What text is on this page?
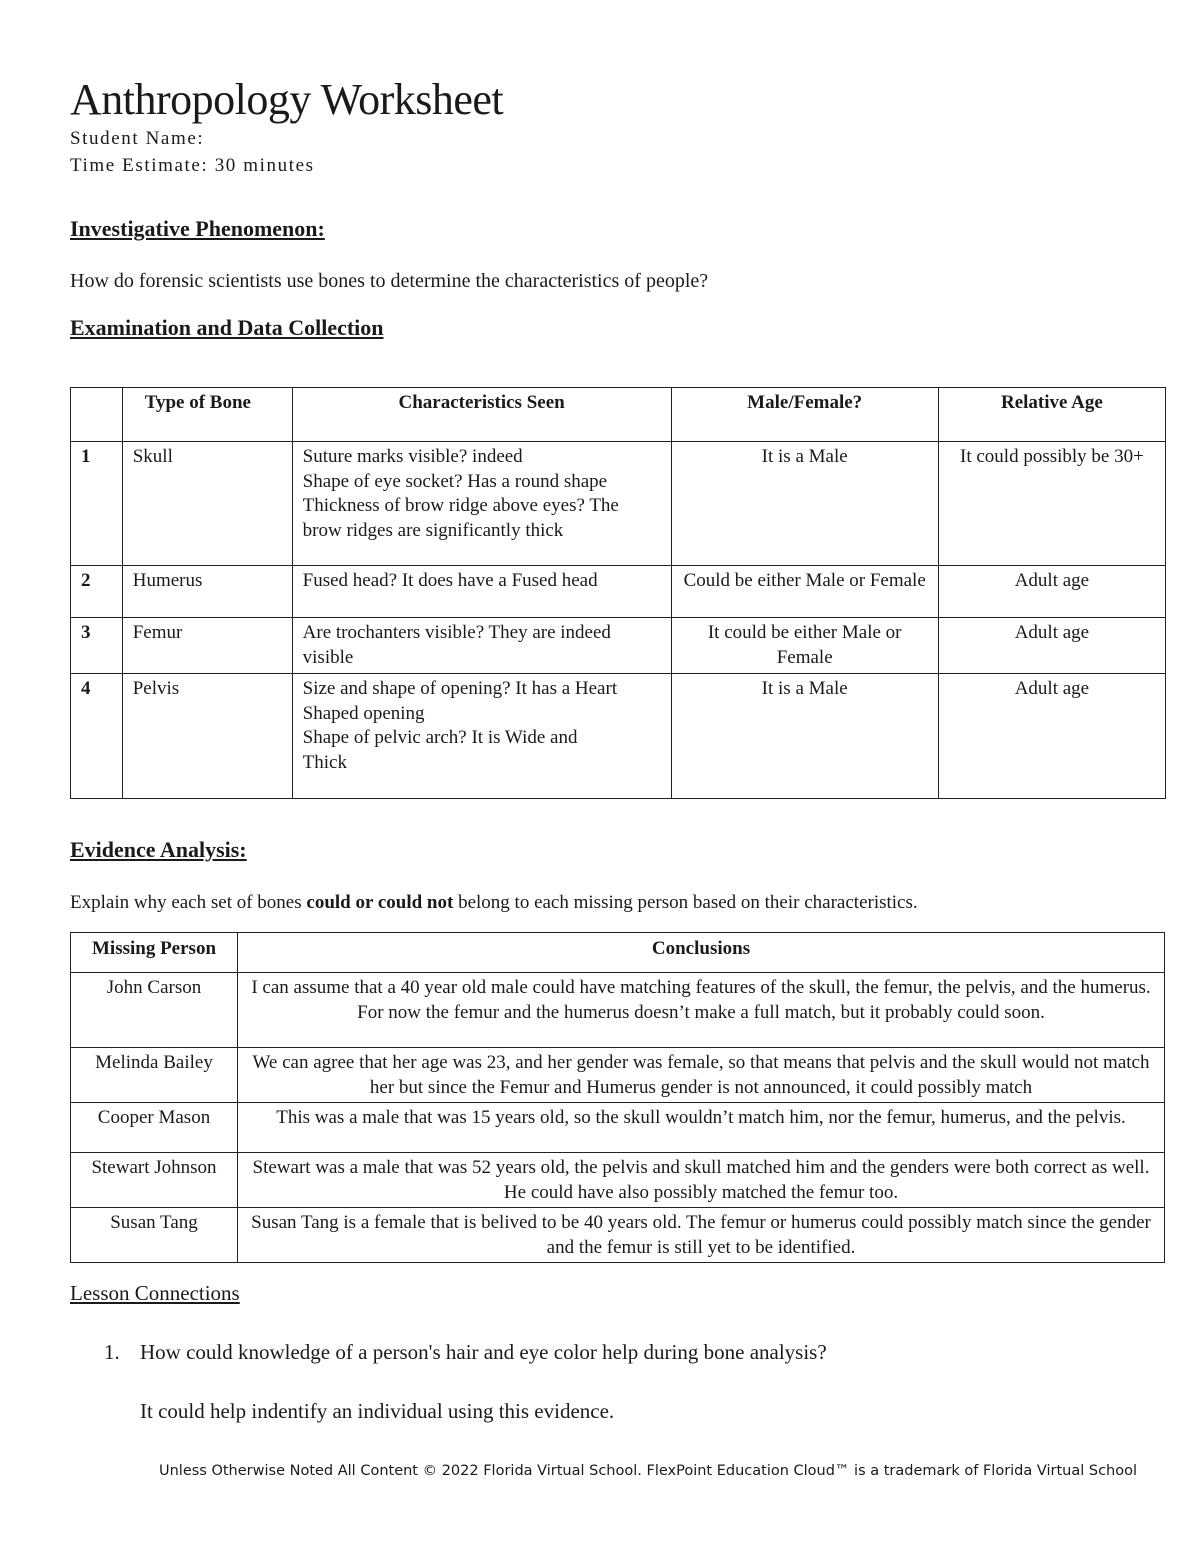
Anthropology Worksheet
Student Name:
Time Estimate: 30 minutes
Investigative Phenomenon:
How do forensic scientists use bones to determine the characteristics of people?
Examination and Data Collection
	Type of Bone	Characteristics Seen	Male/Female?	Relative Age
1	Skull	Suture marks visible? indeed
Shape of eye socket? Has a round shape
Thickness of brow ridge above eyes? The
brow ridges are significantly thick	It is a Male	It could possibly be 30+
2	Humerus	Fused head? It does have a Fused head	Could be either Male or Female	Adult age
3	Femur	Are trochanters visible? They are indeed
visible	It could be either Male or Female	Adult age
4	Pelvis	Size and shape of opening? It has a Heart
Shaped opening
Shape of pelvic arch? It is Wide and
Thick	It is a Male	Adult age
Evidence Analysis:
Explain why each set of bones could or could not belong to each missing person based on their characteristics.
Missing Person	Conclusions
John Carson	I can assume that a 40 year old male could have matching features of the skull, the femur, the pelvis, and the humerus. For now the femur and the humerus doesn’t make a full match, but it probably could soon.
Melinda Bailey	We can agree that her age was 23, and her gender was female, so that means that pelvis and the skull would not match her but since the Femur and Humerus gender is not announced, it could possibly match
Cooper Mason	This was a male that was 15 years old, so the skull wouldn’t match him, nor the femur, humerus, and the pelvis.
Stewart Johnson	Stewart was a male that was 52 years old, the pelvis and skull matched him and the genders were both correct as well. He could have also possibly matched the femur too.
Susan Tang	Susan Tang is a female that is belived to be 40 years old. The femur or humerus could possibly match since the gender and the femur is still yet to be identified.
Lesson Connections
1. How could knowledge of a person's hair and eye color help during bone analysis?
It could help indentify an individual using this evidence.
Unless Otherwise Noted All Content © 2022 Florida Virtual School. FlexPoint Education Cloud™ is a trademark of Florida Virtual School
